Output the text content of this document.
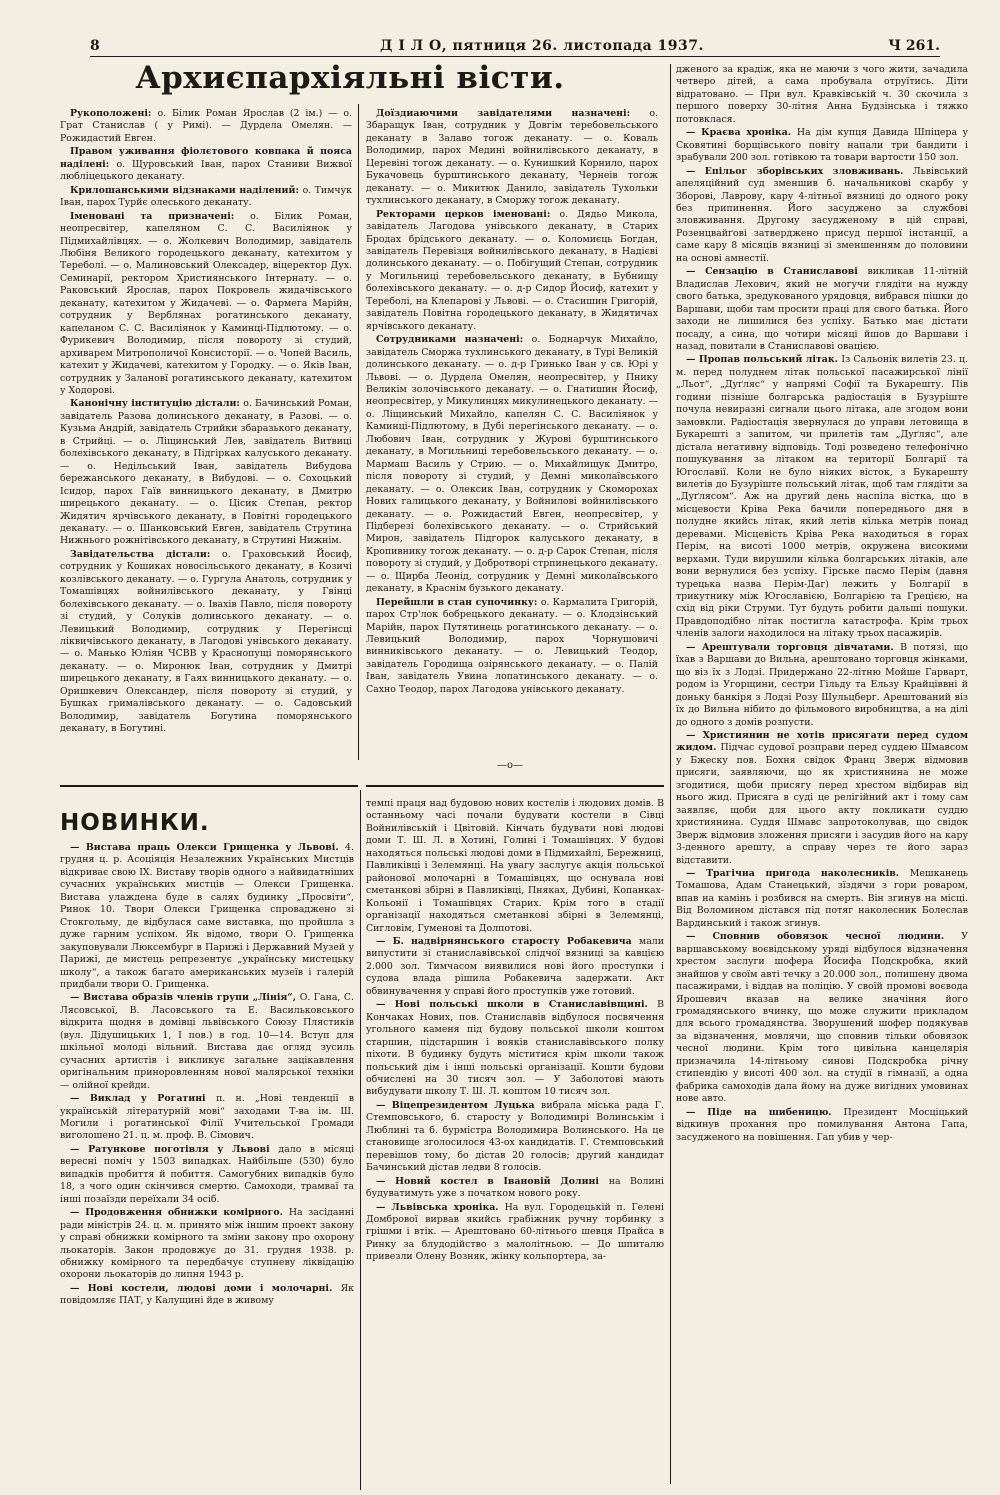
8	Д І Л О, пятниця 26. листопада 1937.	Ч 261.
Архиєпархіяльні вісти.

Рукоположені: о. Білик Роман Ярослав (2 ім.) — о. Грат Станислав ( у Римі). — Дурдела Омелян. — Рожидастий Евген.

Правом уживання фіолєтового ковпака й пояса наділені: о. Щуровський Іван, парох Станиви Вижвої любліцецького деканату.

Крилошанськими відзнаками наділений: о. Тимчук Іван, парох Турйє олеського деканату.

Іменовані та призначені: о. Білик Роман, неопресвітер, капеляном С. С. Василіянок у Підмихайлівцях. — о. Жолкевич Володимир, завідатель Любіня Великого городецького деканату, катехитом у Тереболі. — о. Малиновський Олексадер, віцеректор Дух. Семинарії, ректором Християнського Інтернату. — о. Раковський Ярослав, парох Покровель жидачівського деканату, катехитом у Жидачеві. — о. Фармега Марійн, сотрудник у Верблянах рогатинського деканату, капеланом С. С. Василіянок у Каминці-Підлютому. — о. Фурикевич Володимир, після повороту зі студий, архиварем Митрополичої Консисторії. — о. Чопей Василь, катехит у Жидачеві, катехитом у Городку. — о. Яків Іван, сотрудник у Залановї рогатинського деканату, катехитом у Ходорові.

Канонічну інституцію дістали: о. Бачинський Роман, завідатель Разова долинського деканату, в Разові. — о. Кузьма Андрій, завідатель Стрийки збаразького деканату, в Стрийці. — о. Ліщинський Лев, завідатель Витвиці болехівського деканату, в Підгірках калуського деканату. — о. Недільський Іван, завідатель Вибудова бережанського деканату, в Вибудові. — о. Сохоцький Ісидор, парох Гаїв винницького деканату, в Дмитрю ширецького деканату. — о. Цісик Степан, ректор Жидятич ярчівського деканату, в Повітні городецького деканату. — о. Шанковський Евген, завідатель Струтина Нижнього рожнітівського деканату, в Струтині Нижнім.

Завідательства дістали: о. Граховський Йосиф, сотрудник у Кошиках новосільського деканату, в Козичі козлівського деканату. — о. Гургула Анатоль, сотрудник у Томашівцях войнилівського деканату, у Гвінці болехівського деканату. — о. Івахів Павло, після повороту зі студий, у Солуків долинського деканату. — о. Левицький Володимир, сотрудник у Перегінсці ліквичівського деканату, в Лагодові унівського деканату. — о. Манько Юліян ЧСВВ у Краснопущі поморянського деканату. — о. Миронюк Іван, сотрудник у Дмитрі ширецького деканату, в Гаях винницького деканату. — о. Оришкевич Олександер, після повороту зі студий, у Бушках грималівського деканату. — о. Садовський Володимир, завідатель Богутина поморянського деканату, в Богутині.

Доїздиаючими завідателями назначені: о. Збаращук Іван, сотрудник у Довгім теребовельського деканату в Залаво тогож деканату. — о. Коваль Володимир, парох Медині войнилівського деканату, в Церевіні тогож деканату. — о. Кунишкий Корнило, парох Букачовець бурштинського деканату, Чернеів тогож деканату. — о. Микитюк Данило, завідатель Тухольки тухлинського деканату, в Сморжу тогож деканату.

Ректорами церков іменовані: о. Дядьо Микола, завідатель Лагодова унівського деканату, в Старих Бродах брідського деканату. — о. Коломиєць Богдан, завідатель Перевізця войнилівського деканату, в Надієві долинського деканату. — о. Побігущий Степан, сотрудник у Могильниці теребовельського деканату, в Бубнищу болехівського деканату. — о. д-р Сидор Йосиф, катехит у Тереболі, на Клепарові у Львові. — о. Стасишин Григорій, завідатель Повітна городецького деканату, в Жидятичах ярчівського деканату.

Сотрудниками назначені: о. Боднарчук Михайло, завідатель Сморжа тухлинського деканату, в Турі Великій долинського деканату. — о. д-р Гринько Іван у св. Юрі у Львові. — о. Дурдела Омелян, неопресвітер, у Пнику Великім золочівського деканату. — о. Гнатишин Йосиф, неопресвітер, у Микулинцях микулинецького деканату. — о. Ліщинський Михайло, капелян С. С. Василіянок у Каминці-Підлютому, в Дубі перегінського деканату. — о. Любович Іван, сотрудник у Журові бурштинського деканату, в Могильниці теребовельського деканату. — о. Мармаш Василь у Стрию. — о. Михайлищук Дмитро, після повороту зі студий, у Демні миколаївського деканату. — о. Олексик Іван, сотрудник у Скоморохах Нових галицького деканату, у Войнилові войнилівського деканату. — о. Рожидастий Евген, неопресвітер, у Підберезі болехівського деканату. — о. Стрийський Мирон, завідатель Підгорок калуського деканату, в Кропивнику тогож деканату. — о. д-р Сарок Степан, після повороту зі студий, у Добротворі стрпинецького деканату. — о. Щирба Леонід, сотрудник у Демні миколаївського деканату, в Краснім бузького деканату.

Перейшли в стан супочинку: о. Кармалита Григорій, парох Стр'лок бобрецького деканату. — о. Клодзінський Марійн, парох Путятинець рогатинського деканату. — о. Левицький Володимир, парох Чорнушовичі винниківського деканату. — о. Левицький Теодор, завідатель Городища озірянського деканату. — о. Палій Іван, завідатель Увина лопатинського деканату. — о. Сахно Теодор, парох Лагодова унівського деканату.

—о—
НОВИНКИ.

— Вистава праць Олекси Грищенка у Львові. 4. грудня ц. р. Асоціяція Незалежних Українських Мистців відкриває свою ІХ. Виставу творів одного з найвидатніших сучасних українських мистців — Олекси Грищенка. Вистава улаждена буде в салях будинку „Просвіти“, Ринок 10. Твори Олекси Грищенка спроваджено зі Стокгольму, де відбулася саме виставка, що пройшла з дуже гарним успіхом. Як відомо, твори О. Грищенка закуповували Люксембург в Парижі і Державний Музей у Парижі, де мистець репрезентує „українську мистецьку школу“, а також багато американських музеїв і галерій придбали твори О. Грищенка.

— Вистава образів членів групи „Лінія“, О. Гана, С. Лясовської, В. Ласовського та Е. Васильковського відкрита щодня в домівці львівського Союзу Плястиків (вул. Дідушицьких 1, І пов.) в год. 10—14. Вступ для шкільної молоді вільний. Вистава дає огляд зусиль сучасних артистів і викликує загальне зацікавлення оригінальним приноровленням нової малярської техніки — олійної крейди.

— Виклад у Рогатині п. н. „Нові тенденції в українській літературній мові“ заходами Т-ва ім. Ш. Могили і рогатинської Філії Учительської Громади виголошено 21. ц. м. проф. В. Сімович.

— Ратункове поготівля у Львові дало в місяці вересні поміч у 1503 випадках. Найбільше (530) було випадків пробиття й побиття. Самогубних випадків було 18, з чого один скінчився смертю. Самоходи, трамваї та інші позаїзди переїхали 34 осіб.

— Продовження обнижки комірного. На засіданні ради міністрів 24. ц. м. принято між іншим проект закону у справі обнижки комірного та зміни закону про охорону льокаторів. Закон продовжує до 31. грудня 1938. р. обнижку комірного та передбачує ступневу ліквідацію охорони льокаторів до липня 1943 р.

— Нові костели, людові доми і молочарні. Як повідомляє ПАТ, у Калущині йде в живому

темпі праця над будовою нових костелів і людових домів. В останньому часі почали будувати костели в Сівці Войнилівській і Цвітовій. Кінчать будувати нові людові доми Т. Ш. Л. в Хотині, Голині і Томашівцях. У будові находяться польські людові доми в Підмихайлі, Бережниці, Павликівці і Зелемянці. На увагу заслугує акція польської районової молочарні в Томашівцях, що оснувала нові сметанкові збірні в Павликівці, Пняках, Дубині, Копанках-Кольонії і Томашівцях Старих. Крім того в стадії організації находяться сметанкові збірні в Зелемянці, Сигловім, Гуменові та Долпотові.

— Б. надвірнянського старосту Робакевича мали випустити зі станиславівської слідчої вязниці за кавцією 2.000 зол. Тимчасом виявилися нові його проступки і судова влада рішила Робакевича задержати. Акт обвинувачення у справі його проступків уже готовий.

— Нові польські школи в Станиславівщині. В Кончаках Нових, пов. Станиславів відбулося посвячення угольного каменя під будову польської школи коштом старшин, підстаршин і вояків станиславівського полку піхоти. В будинку будуть міститися крім школи також польський дім і інші польські організації. Кошти будови обчислені на 30 тисяч зол. — У Заболотові мають вибудувати школу Т. Ш. Л. коштом 10 тисяч зол.

— Віцепрезидентом Луцька вибрала міська рада Г. Стемповського, б. старосту у Володимирі Волинськім і Люблині та б. бурмістра Володимира Волинського. На це становище зголосилося 43-ох кандидатів. Г. Стемповський перевішов тому, бо дістав 20 голосів; другий кандидат Бачинський дістав ледви 8 голосів.

— Новий костел в Івановій Долині на Волині будуватимуть уже з початком нового року.

— Львівська хроніка. На вул. Городецькій п. Гелені Домбрової вирвав якийсь грабіжник ручну торбинку з грішми і втік. — Арештовано 60-літнього шевця Прайса в Ринку за блудодійство з малолітньою. — До шпиталю привезли Олену Возняк, жінку кольпортера, за-

дженого за крадіж, яка не маючи з чого жити, зачадила четверо дітей, а сама пробувала отруїтись. Діти відратовано. — При вул. Кравківській ч. 30 скочила з першого поверху 30-літня Анна Будзінська і тяжко потовклася.

— Краєва хроніка. На дім купця Давида Шпіцера у Сковятині борщівського повіту напали три бандити і зрабували 200 зол. готівкою та товари вартости 150 зол.

— Епільог зборівських зловживань. Львівський апеляційний суд зменшив б. начальникові скарбу у Зборові, Лаврову, кару 4-літньої вязниці до одного року без припинення. Його засуджено за службові зловживання. Другому засудженому в цій справі, Розенцвайґові затверджено присуд першої інстанції, а саме кару 8 місяців вязниці зі зменшенням до половини на основі амнестії.

— Сензацію в Станиславові викликав 11-літній Владислав Лехович, який не могучи глядіти на нужду свого батька, зредукованого урядовця, вибрався пішки до Варшави, щоби там просити праці для свого батька. Його заходи не лишилися без успіху. Батько має дістати посаду, а сина, що чотири місяці йшов до Варшави і назад, повитали в Станиславові овацією.

— Пропав польський літак. Із Сальонік вилетів 23. ц. м. перед полуднем літак польської пасажирської лінії „Льот“, „Дуґляс“ у напрямі Софії та Букарешту. Пів години пізніше болгарська радіостація в Бузуріште почула невиразні сигнали цього літака, але згодом вони замовкли. Радіостація звернулася до управи летовища в Букарешті з запитом, чи прилетів там „Дуґляс“, але дістала негативну відповідь. Тоді розведено телефонічно пошукування за літаком на території Болгарії та Югославії. Коли не було ніяких вісток, з Букарешту вилетів до Бузуріште польський літак, щоб там глядіти за „Дуґлясом“. Аж на другий день наспіла вістка, що в місцевости Кріва Река бачили попереднього дня в полудне якийсь літак, який летів кілька метрів понад деревами. Місцевість Кріва Река находиться в горах Перім, на висоті 1000 метрів, окружена високими верхами. Туди вирушили кілька болгарських літаків, але вони вернулися без успіху. Гірське пасмо Перім (давня турецька назва Перім-Даг) лежить у Болгарії в трикутнику між Югославією, Болгарією та Грецією, на схід від ріки Струми. Тут будуть робити дальші пошуки. Правдоподібно літак постигла катастрофа. Крім трьох членів залоги находилося на літаку трьох пасажирів.

— Арештували торговця дівчатами. В потязі, що їхав з Варшави до Вильна, арештовано торговця жінками, що віз їх з Лодзі. Придержано 22-літню Мойше Гарварт, родом із Угорщини, сестри Гільду та Ельзу Крайціввні й доньку банкіря з Лодзі Розу Шульцберг. Арештований віз їх до Вильна нібито до фільмового виробництва, а на ділі до одного з домів розпусти.

— Християнин не хотів присягати перед судом жидом. Підчас судової розправи перед суддею Шмавсом у Бжеску пов. Бохня свідок Франц Зверж відмовив присяги, заявляючи, що як християнина не може згодитися, щоби присягу перед хрестом відбирав від нього жид. Присяга в суді це релігійний акт і тому сам заявляє, щоби для цього акту покликати суддю християнина. Суддя Шмавс запротоколував, що свідок Зверж відмовив зложення присяги і засудив його на кару 3-денного арешту, а справу через те його зараз відставити.

— Трагічна пригода наколесників. Мешканець Томашова, Адам Станецький, зїздячи з гори роваром, впав на камінь і розбився на смерть. Він згинув на місці. Від Воломином дістався під потяг наколесник Болеслав Вардинський і також згинув.

— Сповнив обовязок чесної людини. У варшавському воєвідському уряді відбулося відзначення хрестом заслуги шофера Йосифа Подскробка, який знайшов у своїм авті течку з 20.000 зол., полишену двома пасажирами, і віддав на поліцію. У своїй промові воєвода Ярошевич вказав на велике значіння його громадянського вчинку, що може служити прикладом для всього громадянства. Зворушений шофер подякував за відзначення, мовлячи, що сповнив тільки обовязок чесної людини. Крім того цивільна канцелярія призначила 14-літньому синові Подскробка річну стипендію у висоті 400 зол. на студії в гімназії, а одна фабрика самоходів дала йому на дуже вигідних умовинах нове авто.

— Піде на шибеницю. Президент Мосціцький відкинув прохання про помилування Антона Гапа, засудженого на повішення. Гап убив у чер-
